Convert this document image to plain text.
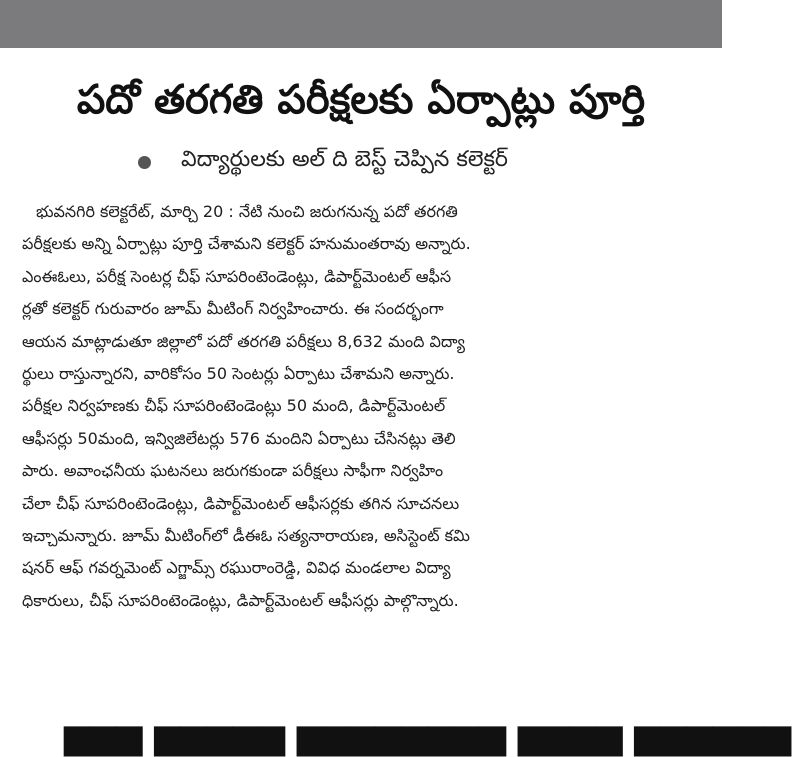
పదో తరగతి పరీక్షలకు ఏర్పాట్లు పూర్తి
విద్యార్థులకు అల్ ది బెస్ట్ చెప్పిన కలెక్టర్
భువనగిరి కలెక్టరేట్, మార్చి 20 : నేటి నుంచి జరుగనున్న పదో తరగతి
పరీక్షలకు అన్ని ఏర్పాట్లు పూర్తి చేశామని కలెక్టర్ హనుమంతరావు అన్నారు.
ఎంఈఓలు, పరీక్ష సెంటర్ల చీఫ్ సూపరింటెండెంట్లు, డిపార్ట్‌మెంటల్ ఆఫీస
ర్లతో కలెక్టర్ గురువారం జూమ్ మీటింగ్ నిర్వహించారు. ఈ సందర్భంగా
ఆయన మాట్లాడుతూ జిల్లాలో పదో తరగతి పరీక్షలు 8,632 మంది విద్యా
ర్థులు రాస్తున్నారని, వారికోసం 50 సెంటర్లు ఏర్పాటు చేశామని అన్నారు.
పరీక్షల నిర్వహణకు చీఫ్ సూపరింటెండెంట్లు 50 మంది, డిపార్ట్‌మెంటల్
ఆఫీసర్లు 50మంది, ఇన్విజిలేటర్లు 576 మందిని ఏర్పాటు చేసినట్లు తెలి
పారు. అవాంఛనీయ ఘటనలు జరుగకుండా పరీక్షలు సాఫీగా నిర్వహిం
చేలా చీఫ్ సూపరింటెండెంట్లు, డిపార్ట్‌మెంటల్ ఆఫీసర్లకు తగిన సూచనలు
ఇచ్చామన్నారు. జూమ్ మీటింగ్‌లో డీఈఓ సత్యనారాయణ, అసిస్టెంట్ కమి
షనర్ ఆఫ్ గవర్నమెంట్ ఎగ్జామ్స్ రఘురాంరెడ్డి, వివిధ మండలాల విద్యా
ధికారులు, చీఫ్ సూపరింటెండెంట్లు, డిపార్ట్‌మెంటల్ ఆఫీసర్లు పాల్గొన్నారు.
▆▆▆ ▆▆▆▆▆ ▆▆▆▆▆▆▆▆ ▆▆▆▆ ▆▆▆▆▆▆
